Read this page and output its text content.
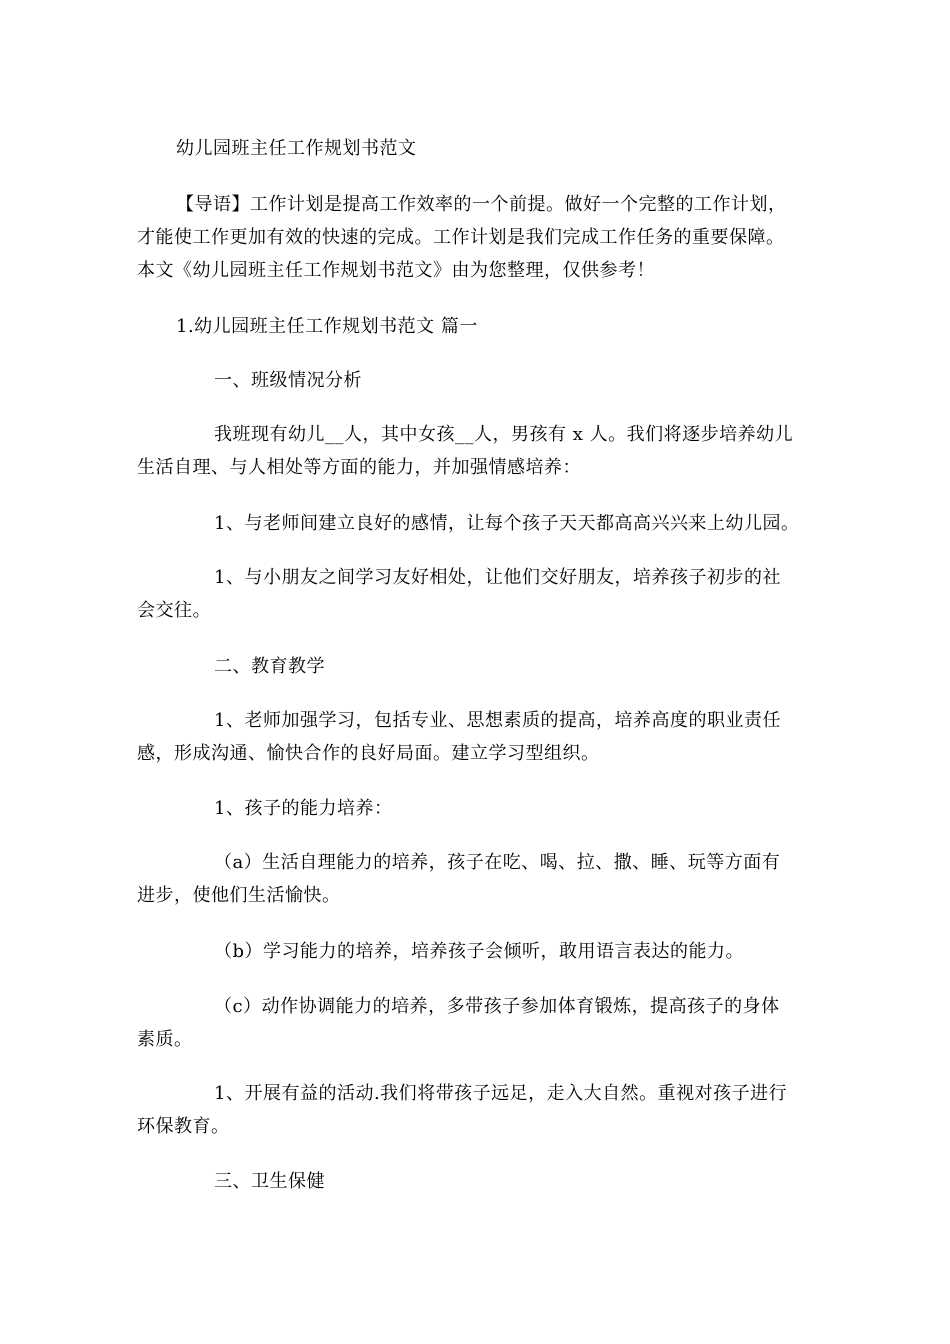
幼儿园班主任工作规划书范文
【导语】工作计划是提高工作效率的一个前提。做好一个完整的工作计划，
才能使工作更加有效的快速的完成。工作计划是我们完成工作任务的重要保障。
本文《幼儿园班主任工作规划书范文》由为您整理，仅供参考！
1.幼儿园班主任工作规划书范文 篇一
一、班级情况分析
我班现有幼儿__人，其中女孩__人，男孩有 x 人。我们将逐步培养幼儿
生活自理、与人相处等方面的能力，并加强情感培养：
1、与老师间建立良好的感情，让每个孩子天天都高高兴兴来上幼儿园。
1、与小朋友之间学习友好相处，让他们交好朋友，培养孩子初步的社
会交往。
二、教育教学
1、老师加强学习，包括专业、思想素质的提高，培养高度的职业责任
感，形成沟通、愉快合作的良好局面。建立学习型组织。
1、孩子的能力培养：
（a）生活自理能力的培养，孩子在吃、喝、拉、撒、睡、玩等方面有
进步，使他们生活愉快。
（b）学习能力的培养，培养孩子会倾听，敢用语言表达的能力。
（c）动作协调能力的培养，多带孩子参加体育锻炼，提高孩子的身体
素质。
1、开展有益的活动.我们将带孩子远足，走入大自然。重视对孩子进行
环保教育。
三、卫生保健
